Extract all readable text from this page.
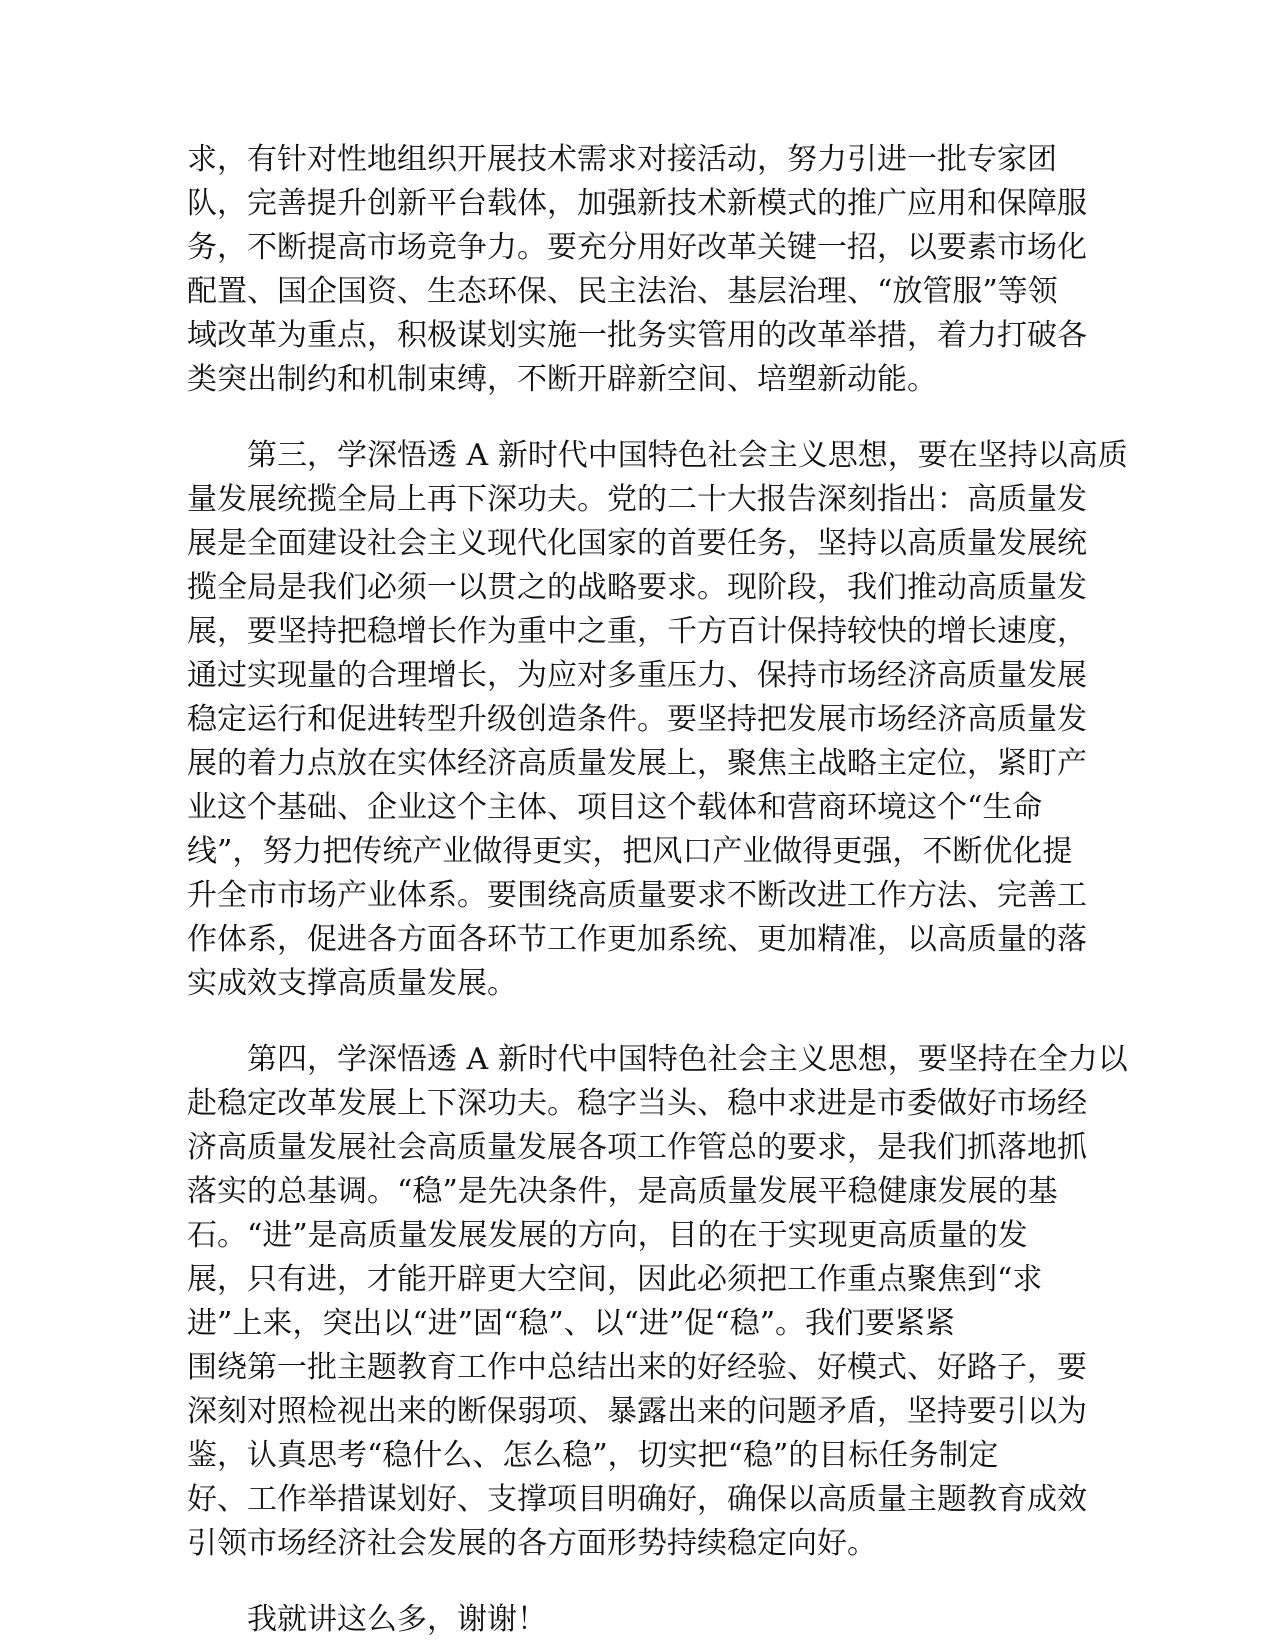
求，有针对性地组织开展技术需求对接活动，努力引进一批专家团
队，完善提升创新平台载体，加强新技术新模式的推广应用和保障服
务，不断提高市场竞争力。要充分用好改革关键一招，以要素市场化
配置、国企国资、生态环保、民主法治、基层治理、“放管服”等领
域改革为重点，积极谋划实施一批务实管用的改革举措，着力打破各
类突出制约和机制束缚，不断开辟新空间、培塑新动能。
　　第三，学深悟透 A 新时代中国特色社会主义思想，要在坚持以高质
量发展统揽全局上再下深功夫。党的二十大报告深刻指出：高质量发
展是全面建设社会主义现代化国家的首要任务，坚持以高质量发展统
揽全局是我们必须一以贯之的战略要求。现阶段，我们推动高质量发
展，要坚持把稳增长作为重中之重，千方百计保持较快的增长速度，
通过实现量的合理增长，为应对多重压力、保持市场经济高质量发展
稳定运行和促进转型升级创造条件。要坚持把发展市场经济高质量发
展的着力点放在实体经济高质量发展上，聚焦主战略主定位，紧盯产
业这个基础、企业这个主体、项目这个载体和营商环境这个“生命
线”，努力把传统产业做得更实，把风口产业做得更强，不断优化提
升全市市场产业体系。要围绕高质量要求不断改进工作方法、完善工
作体系，促进各方面各环节工作更加系统、更加精准，以高质量的落
实成效支撑高质量发展。
　　第四，学深悟透 A 新时代中国特色社会主义思想，要坚持在全力以
赴稳定改革发展上下深功夫。稳字当头、稳中求进是市委做好市场经
济高质量发展社会高质量发展各项工作管总的要求，是我们抓落地抓
落实的总基调。“稳”是先决条件，是高质量发展平稳健康发展的基
石。“进”是高质量发展发展的方向，目的在于实现更高质量的发
展，只有进，才能开辟更大空间，因此必须把工作重点聚焦到“求
进”上来，突出以“进”固“稳”、以“进”促“稳”。我们要紧紧
围绕第一批主题教育工作中总结出来的好经验、好模式、好路子，要
深刻对照检视出来的断保弱项、暴露出来的问题矛盾，坚持要引以为
鉴，认真思考“稳什么、怎么稳”，切实把“稳”的目标任务制定
好、工作举措谋划好、支撑项目明确好，确保以高质量主题教育成效
引领市场经济社会发展的各方面形势持续稳定向好。
　　我就讲这么多，谢谢！
